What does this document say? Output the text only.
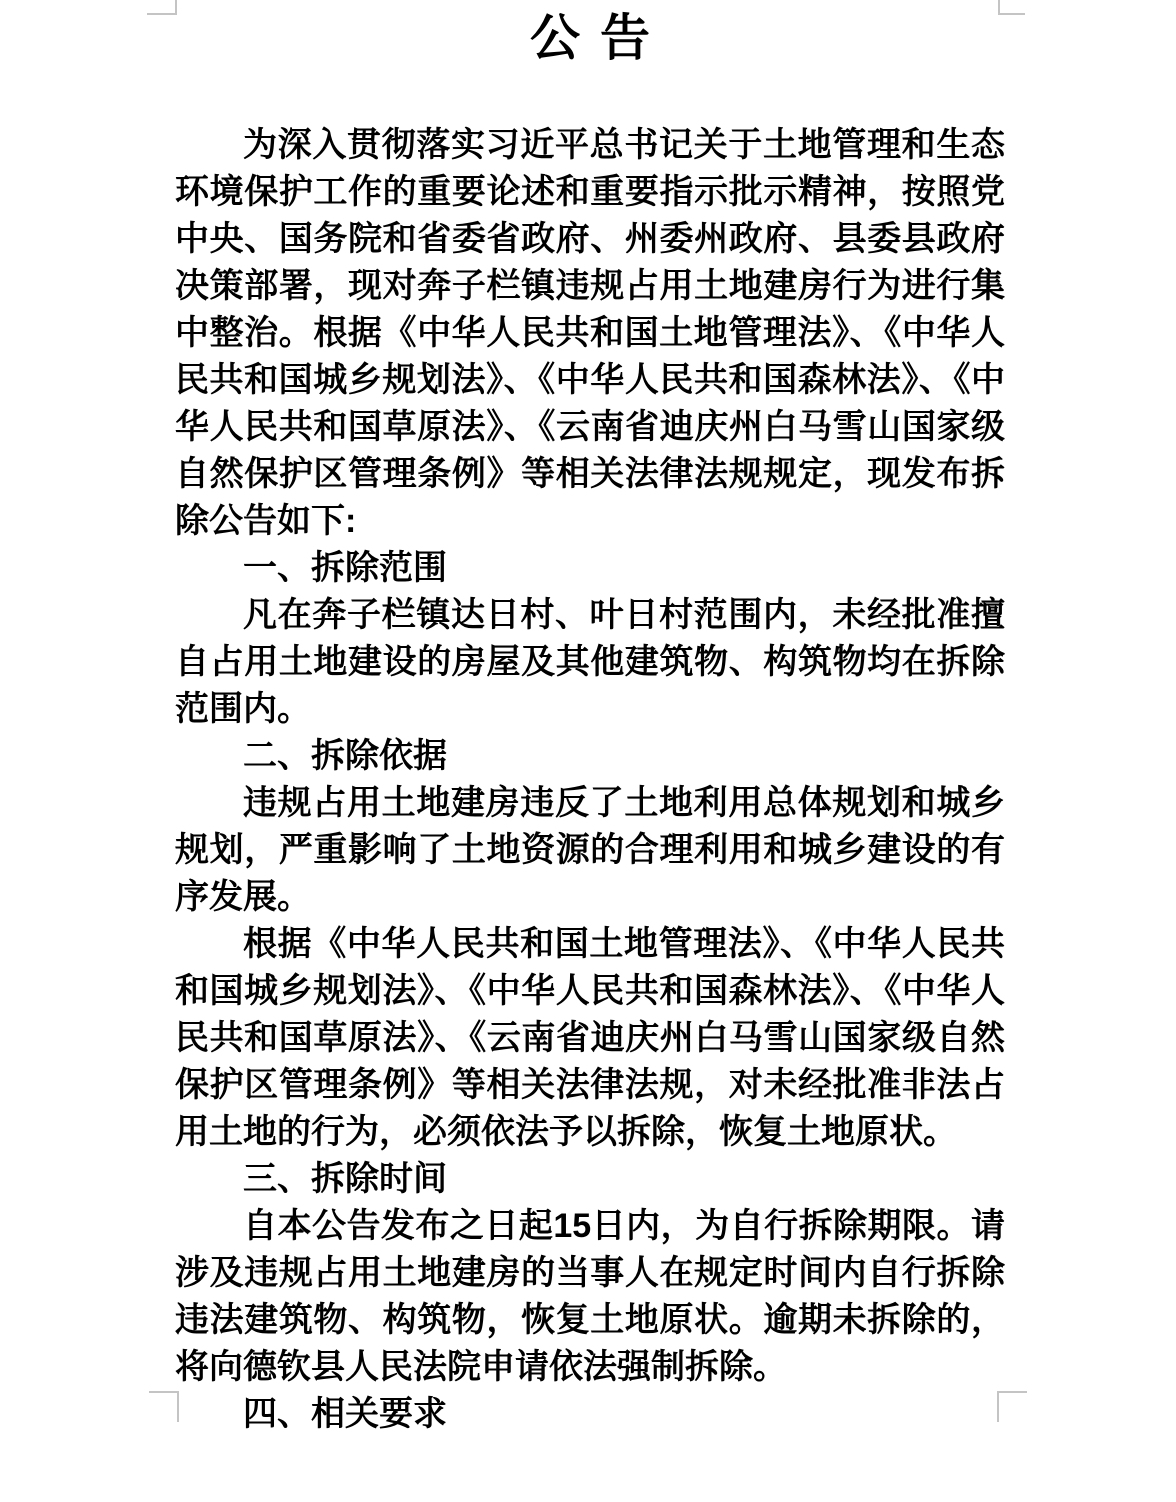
公 告

为深入贯彻落实习近平总书记关于土地管理和生态环境保护工作的重要论述和重要指示批示精神，按照党中央、国务院和省委省政府、州委州政府、县委县政府决策部署，现对奔子栏镇违规占用土地建房行为进行集中整治。根据《中华人民共和国土地管理法》、《中华人民共和国城乡规划法》、《中华人民共和国森林法》、《中华人民共和国草原法》、《云南省迪庆州白马雪山国家级自然保护区管理条例》等相关法律法规规定，现发布拆除公告如下:

一、拆除范围

凡在奔子栏镇达日村、叶日村范围内，未经批准擅自占用土地建设的房屋及其他建筑物、构筑物均在拆除范围内。

二、拆除依据

违规占用土地建房违反了土地利用总体规划和城乡规划，严重影响了土地资源的合理利用和城乡建设的有序发展。

根据《中华人民共和国土地管理法》、《中华人民共和国城乡规划法》、《中华人民共和国森林法》、《中华人民共和国草原法》、《云南省迪庆州白马雪山国家级自然保护区管理条例》等相关法律法规，对未经批准非法占用土地的行为，必须依法予以拆除，恢复土地原状。

三、拆除时间

自本公告发布之日起15日内，为自行拆除期限。请涉及违规占用土地建房的当事人在规定时间内自行拆除违法建筑物、构筑物，恢复土地原状。逾期未拆除的，将向德钦县人民法院申请依法强制拆除。

四、相关要求
